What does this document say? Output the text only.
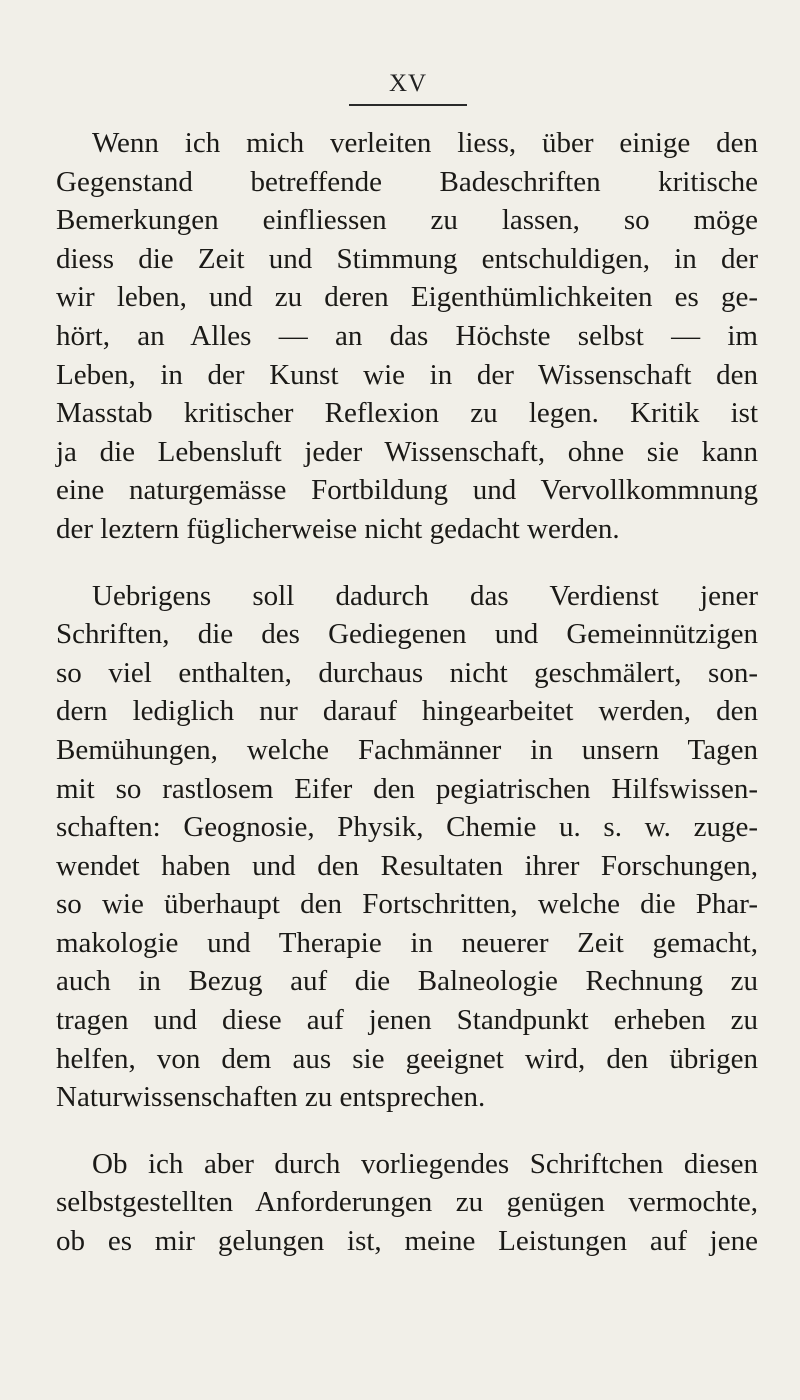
XV
Wenn ich mich verleiten liess, über einige den
Gegenstand betreffende Badeschriften kritische
Bemerkungen einfliessen zu lassen, so möge
diess die Zeit und Stimmung entschuldigen, in der
wir leben, und zu deren Eigenthümlichkeiten es ge-
hört, an Alles — an das Höchste selbst — im
Leben, in der Kunst wie in der Wissenschaft den
Masstab kritischer Reflexion zu legen. Kritik ist
ja die Lebensluft jeder Wissenschaft, ohne sie kann
eine naturgemässe Fortbildung und Vervollkommnung
der leztern füglicherweise nicht gedacht werden.
Uebrigens soll dadurch das Verdienst jener
Schriften, die des Gediegenen und Gemeinnützigen
so viel enthalten, durchaus nicht geschmälert, son-
dern lediglich nur darauf hingearbeitet werden, den
Bemühungen, welche Fachmänner in unsern Tagen
mit so rastlosem Eifer den pegiatrischen Hilfswissen-
schaften: Geognosie, Physik, Chemie u. s. w. zuge-
wendet haben und den Resultaten ihrer Forschungen,
so wie überhaupt den Fortschritten, welche die Phar-
makologie und Therapie in neuerer Zeit gemacht,
auch in Bezug auf die Balneologie Rechnung zu
tragen und diese auf jenen Standpunkt erheben zu
helfen, von dem aus sie geeignet wird, den übrigen
Naturwissenschaften zu entsprechen.
Ob ich aber durch vorliegendes Schriftchen diesen
selbstgestellten Anforderungen zu genügen vermochte,
ob es mir gelungen ist, meine Leistungen auf jene
